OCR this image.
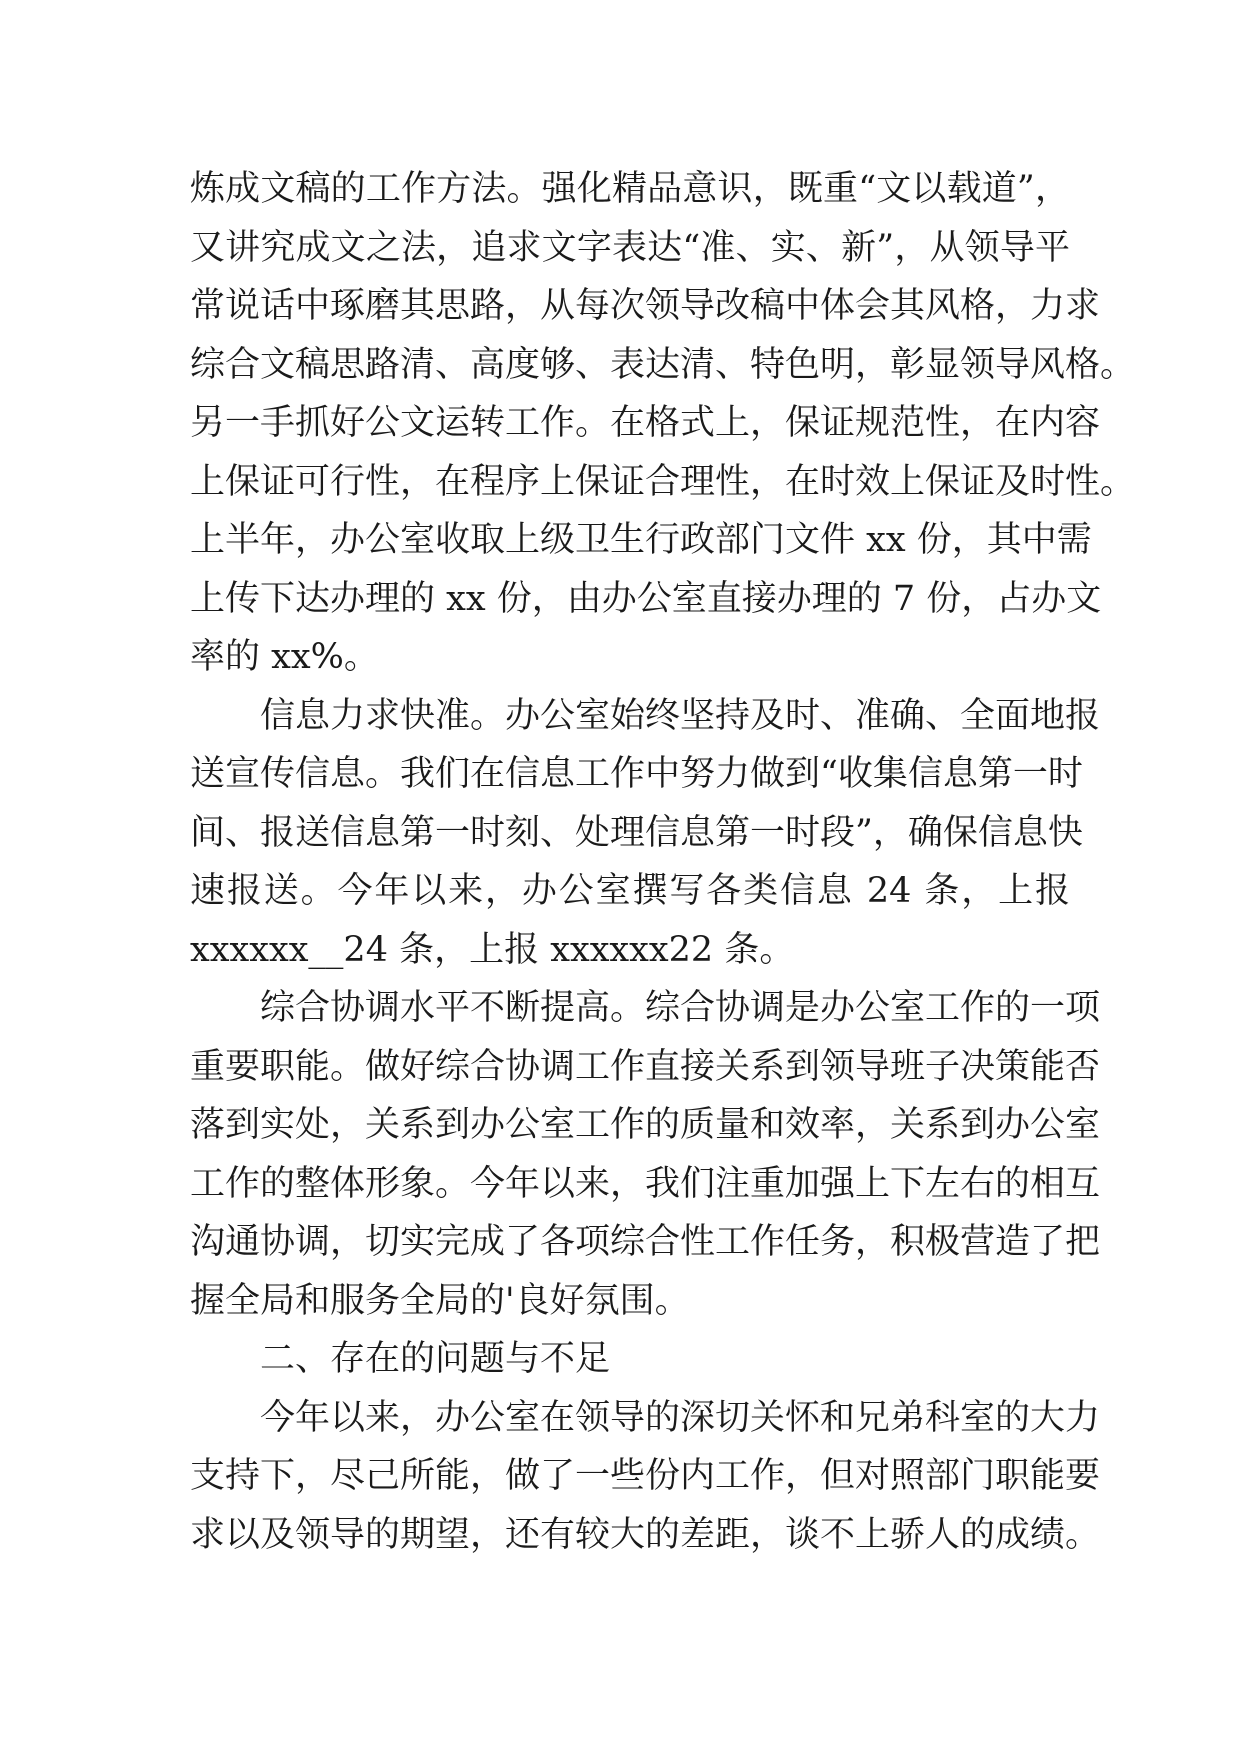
炼成文稿的工作方法。强化精品意识，既重“文以载道”，
又讲究成文之法，追求文字表达“准、实、新”，从领导平
常说话中琢磨其思路，从每次领导改稿中体会其风格，力求
综合文稿思路清、高度够、表达清、特色明，彰显领导风格。
另一手抓好公文运转工作。在格式上，保证规范性，在内容
上保证可行性，在程序上保证合理性，在时效上保证及时性。
上半年，办公室收取上级卫生行政部门文件 xx 份，其中需
上传下达办理的 xx 份，由办公室直接办理的 7 份，占办文
率的 xx%。
信息力求快准。办公室始终坚持及时、准确、全面地报
送宣传信息。我们在信息工作中努力做到“收集信息第一时
间、报送信息第一时刻、处理信息第一时段”，确保信息快
速报送。今年以来，办公室撰写各类信息 24 条，上报
xxxxxx__24 条，上报 xxxxxx22 条。
综合协调水平不断提高。综合协调是办公室工作的一项
重要职能。做好综合协调工作直接关系到领导班子决策能否
落到实处，关系到办公室工作的质量和效率，关系到办公室
工作的整体形象。今年以来，我们注重加强上下左右的相互
沟通协调，切实完成了各项综合性工作任务，积极营造了把
握全局和服务全局的'良好氛围。
二、存在的问题与不足
今年以来，办公室在领导的深切关怀和兄弟科室的大力
支持下，尽己所能，做了一些份内工作，但对照部门职能要
求以及领导的期望，还有较大的差距，谈不上骄人的成绩。
